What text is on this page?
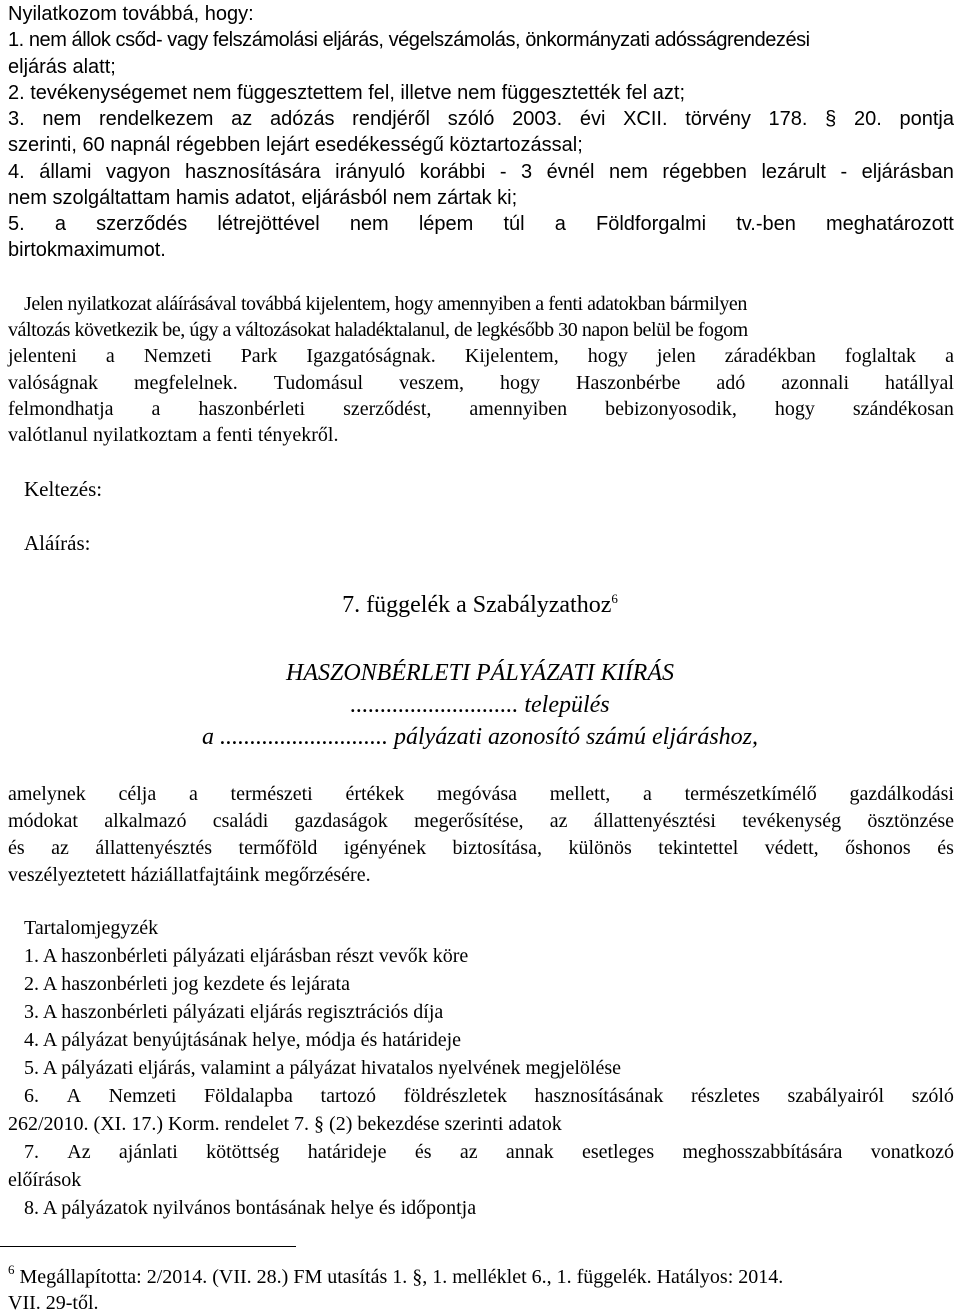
Nyilatkozom továbbá, hogy:
1. nem állok csőd- vagy felszámolási eljárás, végelszámolás, önkormányzati adósságrendezési
eljárás alatt;
2. tevékenységemet nem függesztettem fel, illetve nem függesztették fel azt;
3. nem rendelkezem az adózás rendjéről szóló 2003. évi XCII. törvény 178. § 20. pontja
szerinti, 60 napnál régebben lejárt esedékességű köztartozással;
4. állami vagyon hasznosítására irányuló korábbi - 3 évnél nem régebben lezárult - eljárásban
nem szolgáltattam hamis adatot, eljárásból nem zártak ki;
5. a szerződés létrejöttével nem lépem túl a Földforgalmi tv.-ben meghatározott
birtokmaximumot.
Jelen nyilatkozat aláírásával továbbá kijelentem, hogy amennyiben a fenti adatokban bármilyen
változás következik be, úgy a változásokat haladéktalanul, de legkésőbb 30 napon belül be fogom
jelenteni a Nemzeti Park Igazgatóságnak. Kijelentem, hogy jelen záradékban foglaltak a
valóságnak megfelelnek. Tudomásul veszem, hogy Haszonbérbe adó azonnali hatállyal
felmondhatja a haszonbérleti szerződést, amennyiben bebizonyosodik, hogy szándékosan
valótlanul nyilatkoztam a fenti tényekről.
Keltezés:
Aláírás:
7. függelék a Szabályzathoz$^6$
HASZONBÉRLETI PÁLYÁZATI KIÍRÁS
............................ település
a ............................ pályázati azonosító számú eljáráshoz,
amelynek célja a természeti értékek megóvása mellett, a természetkímélő gazdálkodási
módokat alkalmazó családi gazdaságok megerősítése, az állattenyésztési tevékenység ösztönzése
és az állattenyésztés termőföld igényének biztosítása, különös tekintettel védett, őshonos és
veszélyeztetett háziállatfajtáink megőrzésére.
Tartalomjegyzék
1. A haszonbérleti pályázati eljárásban részt vevők köre
2. A haszonbérleti jog kezdete és lejárata
3. A haszonbérleti pályázati eljárás regisztrációs díja
4. A pályázat benyújtásának helye, módja és határideje
5. A pályázati eljárás, valamint a pályázat hivatalos nyelvének megjelölése
6. A Nemzeti Földalapba tartozó földrészletek hasznosításának részletes szabályairól szóló
262/2010. (XI. 17.) Korm. rendelet 7. § (2) bekezdése szerinti adatok
7. Az ajánlati kötöttség határideje és az annak esetleges meghosszabbítására vonatkozó
előírások
8. A pályázatok nyilvános bontásának helye és időpontja
$^6$ Megállapította: 2/2014. (VII. 28.) FM utasítás 1. §, 1. melléklet 6., 1. függelék. Hatályos: 2014.
VII. 29-től.
